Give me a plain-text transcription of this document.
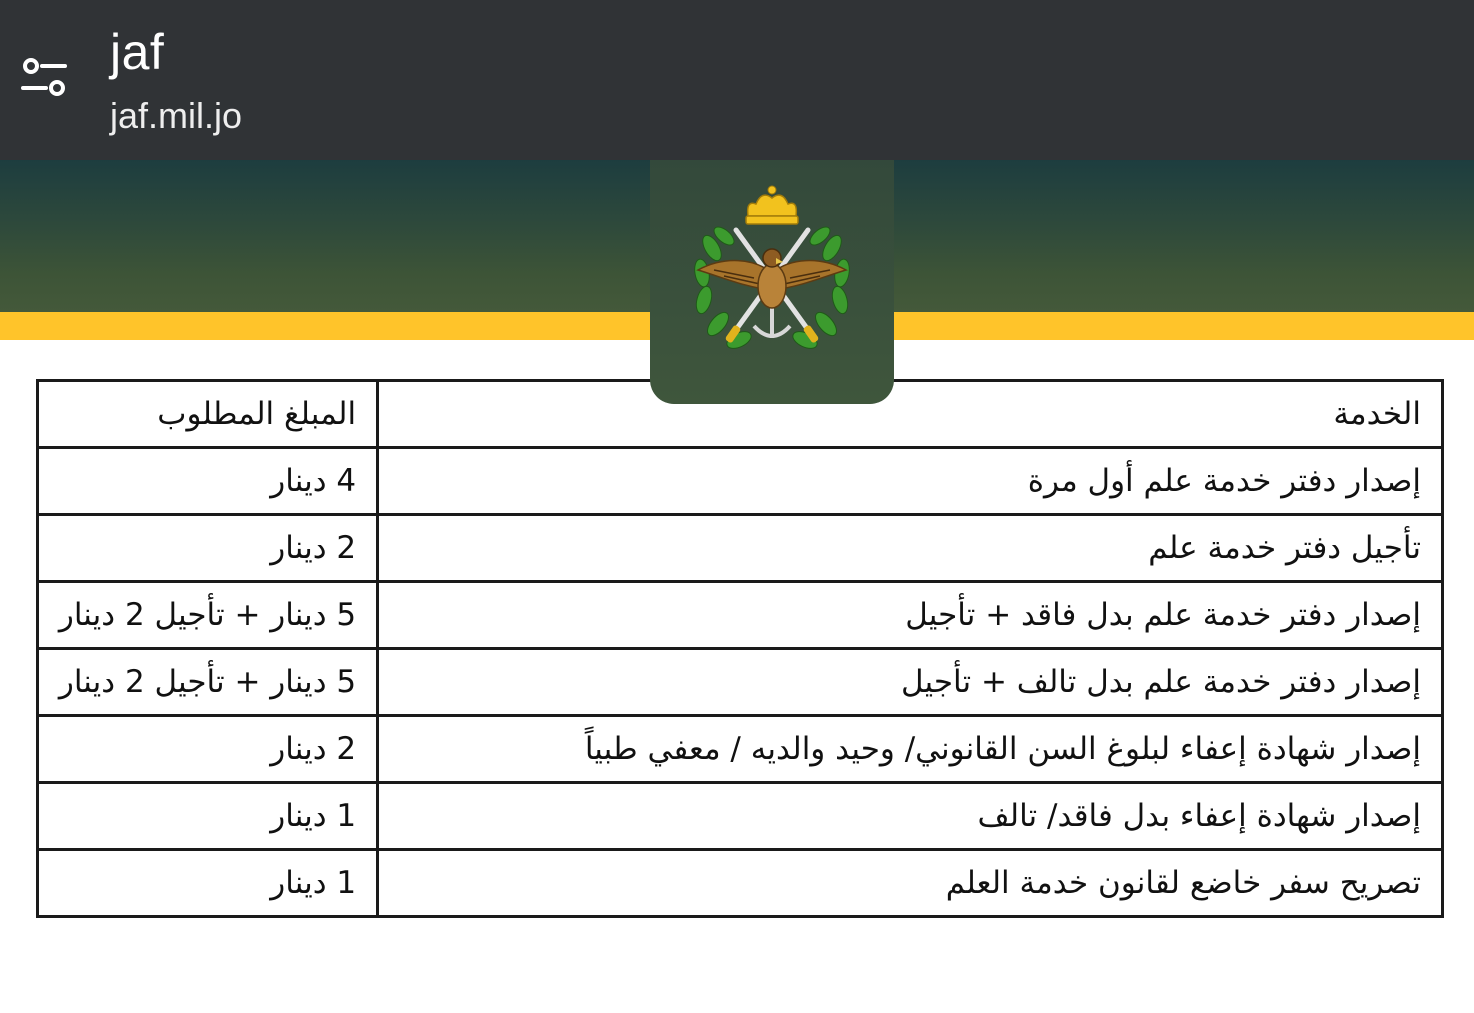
jaf
jaf.mil.jo
الخدمة	المبلغ المطلوب
إصدار دفتر خدمة علم أول مرة	4 دينار
تأجيل دفتر خدمة علم	2 دينار
إصدار دفتر خدمة علم بدل فاقد + تأجيل	5 دينار + تأجيل 2 دينار
إصدار دفتر خدمة علم بدل تالف + تأجيل	5 دينار + تأجيل 2 دينار
إصدار شهادة إعفاء لبلوغ السن القانوني/ وحيد والديه / معفي طبياً	2 دينار
إصدار شهادة إعفاء بدل فاقد/ تالف	1 دينار
تصريح سفر خاضع لقانون خدمة العلم	1 دينار
